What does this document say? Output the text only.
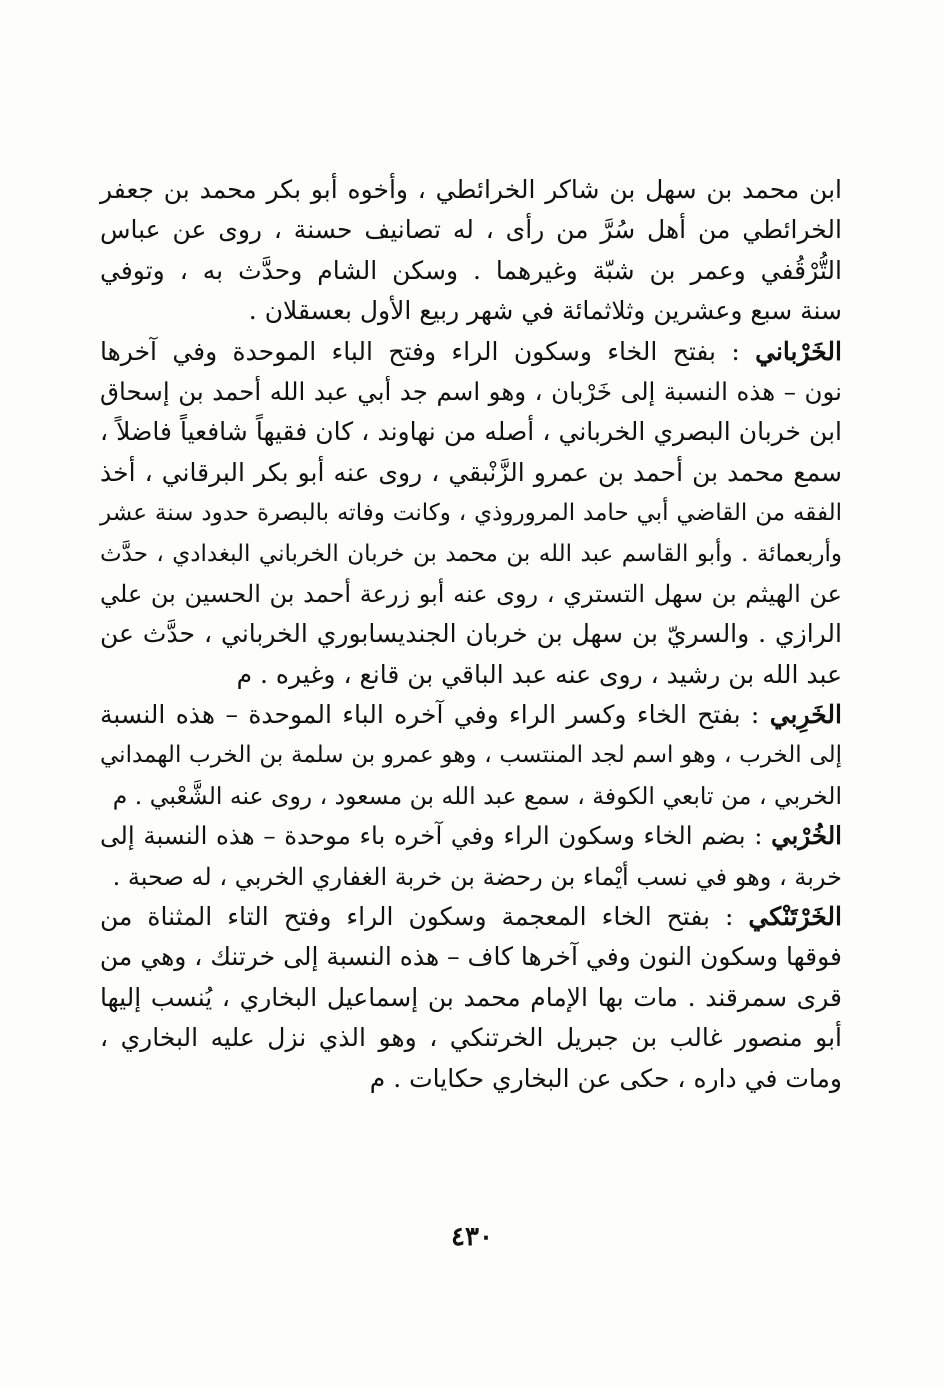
ابن محمد بن سهل بن شاكر الخرائطي ، وأخوه أبو بكر محمد بن جعفر
الخرائطي من أهل سُرَّ من رأى ، له تصانيف حسنة ، روى عن عباس
التُّرْقُفي وعمر بن شبّة وغيرهما . وسكن الشام وحدَّث به ، وتوفي
سنة سبع وعشرين وثلاثمائة في شهر ربيع الأول بعسقلان .
الخَرْباني : بفتح الخاء وسكون الراء وفتح الباء الموحدة وفي آخرها
نون – هذه النسبة إلى خَرْبان ، وهو اسم جد أبي عبد الله أحمد بن إسحاق
ابن خربان البصري الخرباني ، أصله من نهاوند ، كان فقيهاً شافعياً فاضلاً ،
سمع محمد بن أحمد بن عمرو الزَّنْبقي ، روى عنه أبو بكر البرقاني ، أخذ
الفقه من القاضي أبي حامد المروروذي ، وكانت وفاته بالبصرة حدود سنة عشر
وأربعمائة . وأبو القاسم عبد الله بن محمد بن خربان الخرباني البغدادي ، حدَّث
عن الهيثم بن سهل التستري ، روى عنه أبو زرعة أحمد بن الحسين بن علي
الرازي . والسريّ بن سهل بن خربان الجنديسابوري الخرباني ، حدَّث عن
عبد الله بن رشيد ، روى عنه عبد الباقي بن قانع ، وغيره . م
الخَرِبي : بفتح الخاء وكسر الراء وفي آخره الباء الموحدة – هذه النسبة
إلى الخرب ، وهو اسم لجد المنتسب ، وهو عمرو بن سلمة بن الخرب الهمداني
الخربي ، من تابعي الكوفة ، سمع عبد الله بن مسعود ، روى عنه الشَّعْبي . م
الخُرْبي : بضم الخاء وسكون الراء وفي آخره باء موحدة – هذه النسبة إلى
خربة ، وهو في نسب أيْماء بن رحضة بن خربة الغفاري الخربي ، له صحبة .
الخَرْتَنْكي : بفتح الخاء المعجمة وسكون الراء وفتح التاء المثناة من
فوقها وسكون النون وفي آخرها كاف – هذه النسبة إلى خرتنك ، وهي من
قرى سمرقند . مات بها الإمام محمد بن إسماعيل البخاري ، يُنسب إليها
أبو منصور غالب بن جبريل الخرتنكي ، وهو الذي نزل عليه البخاري ،
ومات في داره ، حكى عن البخاري حكايات . م
٤٣٠
